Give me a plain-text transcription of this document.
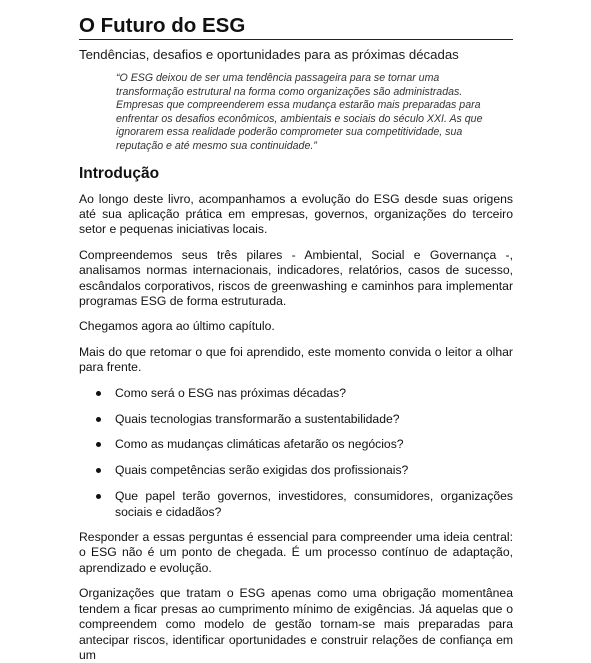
O Futuro do ESG
Tendências, desafios e oportunidades para as próximas décadas
“O ESG deixou de ser uma tendência passageira para se tornar uma transformação estrutural na forma como organizações são administradas. Empresas que compreenderem essa mudança estarão mais preparadas para enfrentar os desafios econômicos, ambientais e sociais do século XXI. As que ignorarem essa realidade poderão comprometer sua competitividade, sua reputação e até mesmo sua continuidade.”
Introdução

Ao longo deste livro, acompanhamos a evolução do ESG desde suas origens até sua aplicação prática em empresas, governos, organizações do terceiro setor e pequenas iniciativas locais.

Compreendemos seus três pilares - Ambiental, Social e Governança -, analisamos normas internacionais, indicadores, relatórios, casos de sucesso, escândalos corporativos, riscos de greenwashing e caminhos para implementar programas ESG de forma estruturada.

Chegamos agora ao último capítulo.

Mais do que retomar o que foi aprendido, este momento convida o leitor a olhar para frente.

Como será o ESG nas próximas décadas?
Quais tecnologias transformarão a sustentabilidade?
Como as mudanças climáticas afetarão os negócios?
Quais competências serão exigidas dos profissionais?
Que papel terão governos, investidores, consumidores, organizações sociais e cidadãos?

Responder a essas perguntas é essencial para compreender uma ideia central: o ESG não é um ponto de chegada. É um processo contínuo de adaptação, aprendizado e evolução.

Organizações que tratam o ESG apenas como uma obrigação momentânea tendem a ficar presas ao cumprimento mínimo de exigências. Já aquelas que o compreendem como modelo de gestão tornam-se mais preparadas para antecipar riscos, identificar oportunidades e construir relações de confiança em um
